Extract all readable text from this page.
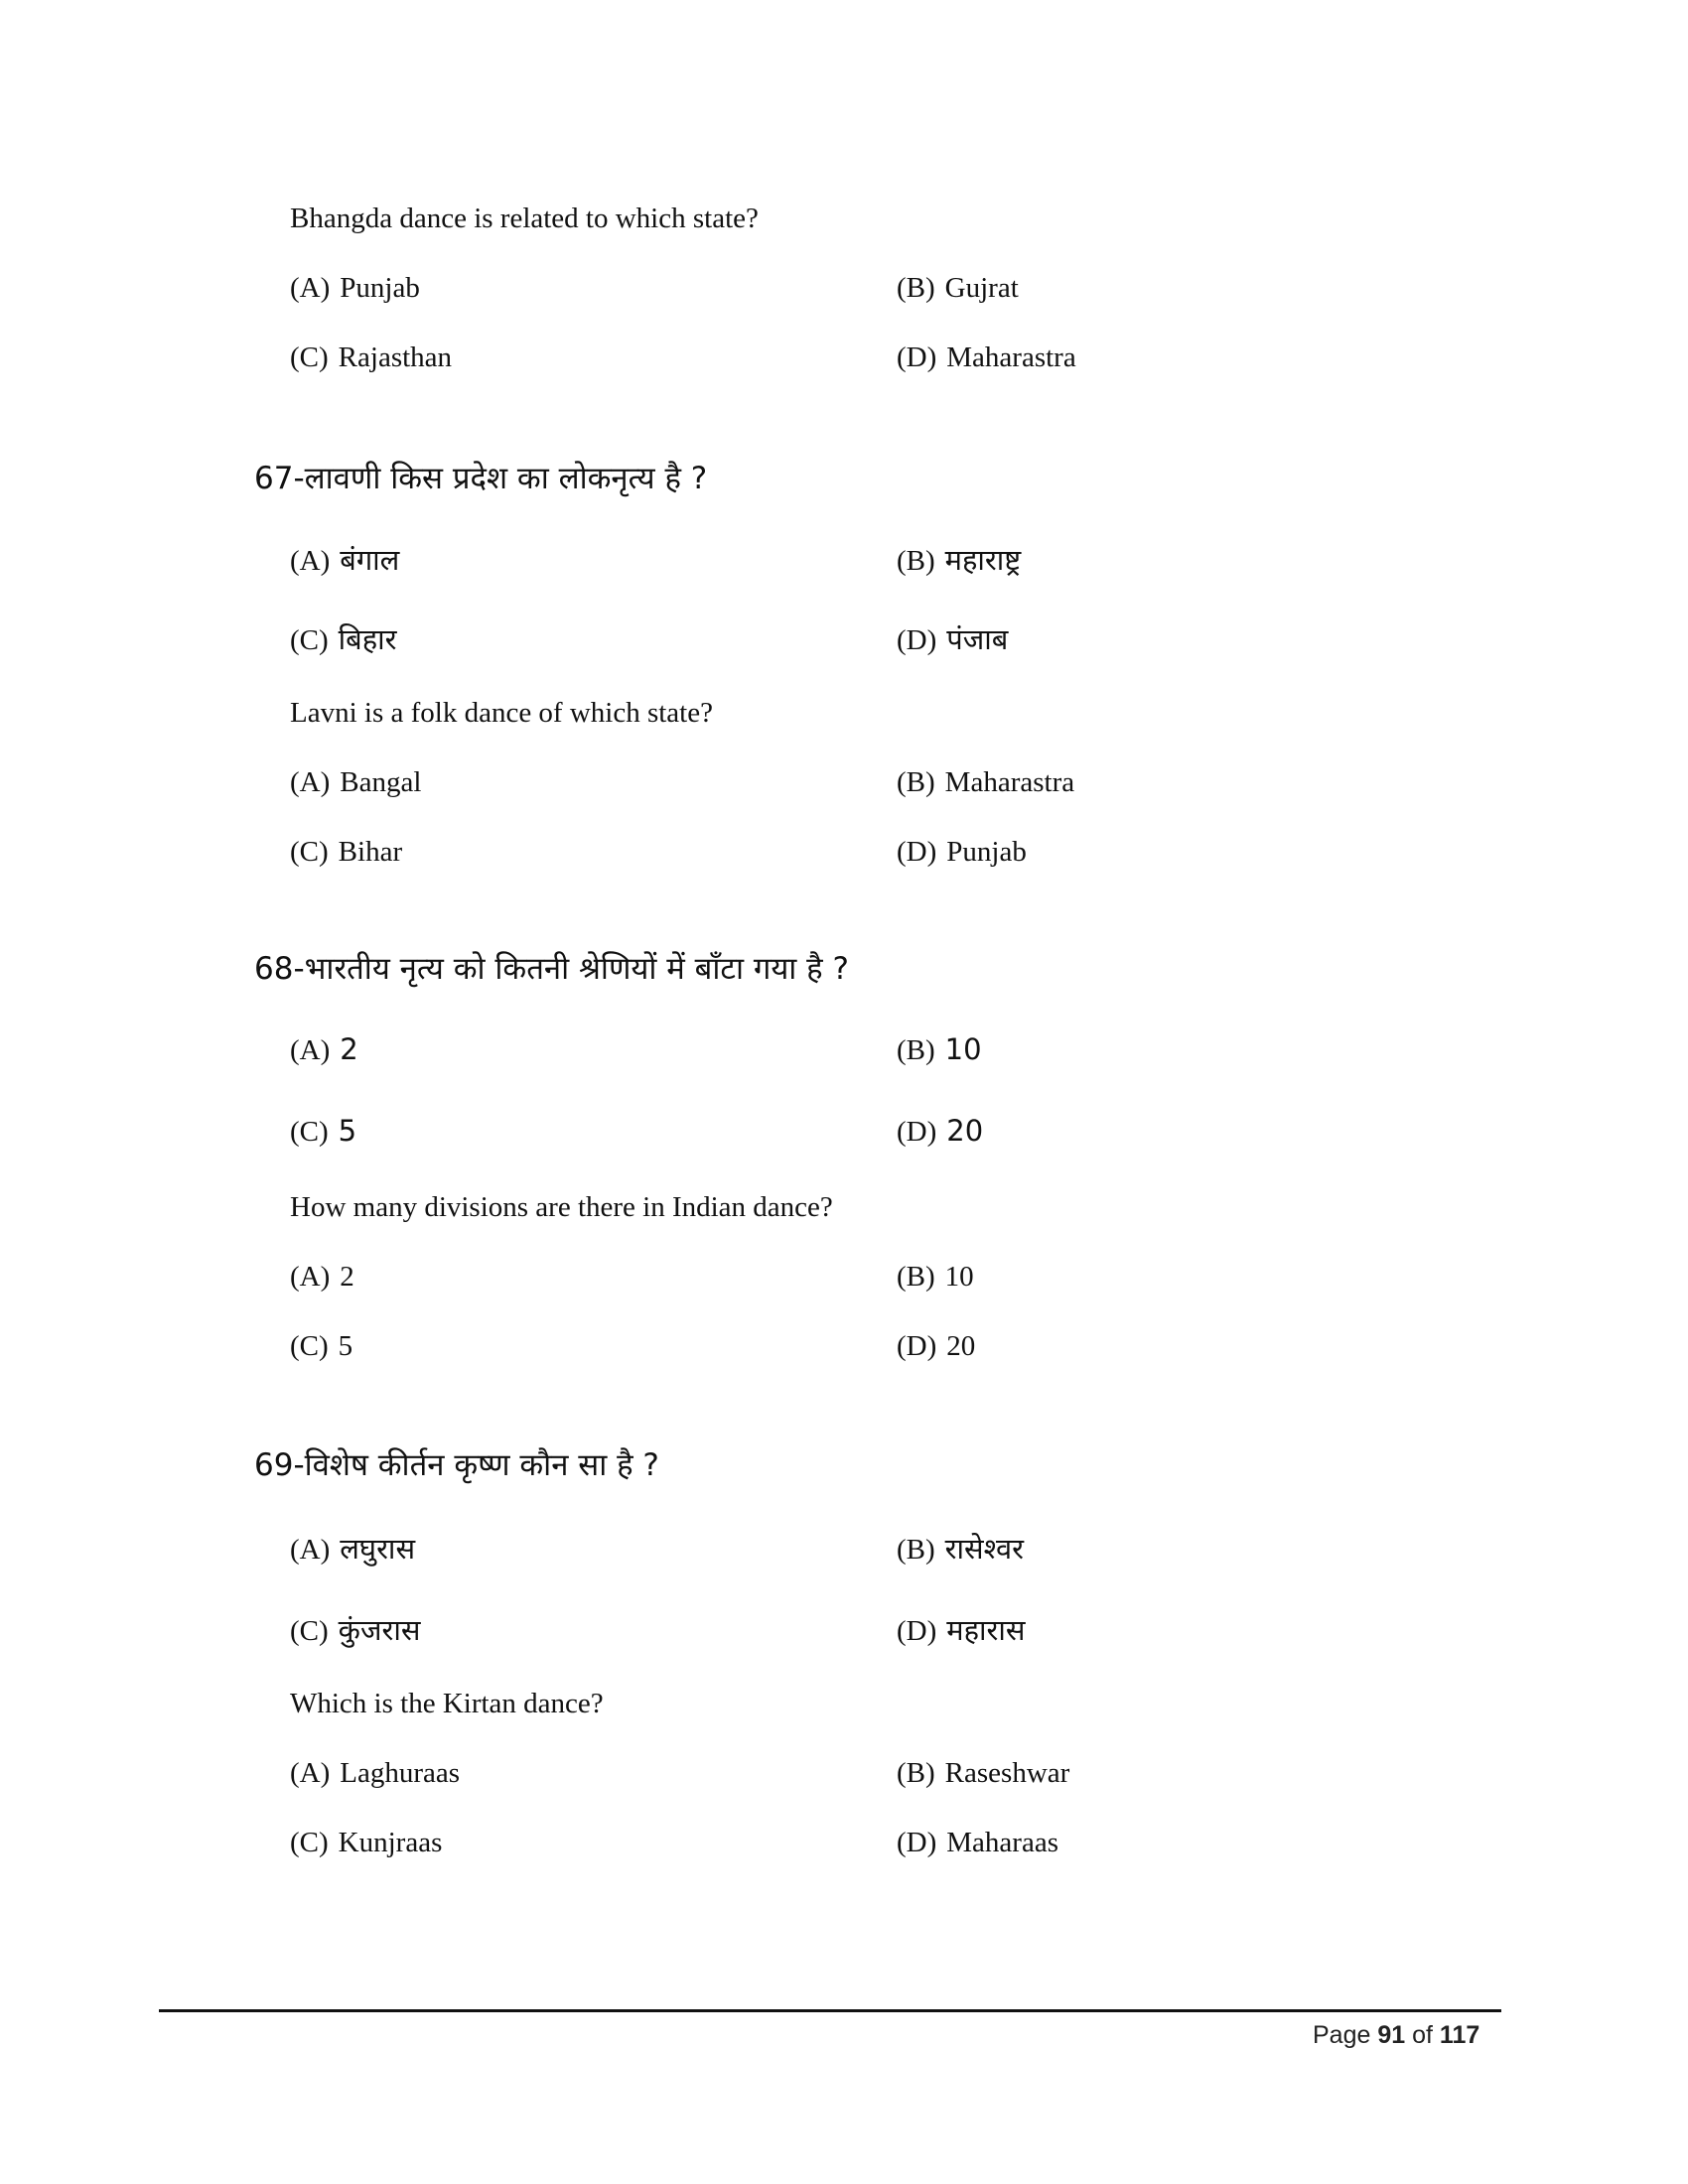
Bhangda dance is related to which state?
(A) Punjab	(B) Gujrat
(C) Rajasthan	(D) Maharastra
67-लावणी किस प्रदेश का लोकनृत्य है ?
(A) बंगाल	(B) महाराष्ट्र
(C) बिहार	(D) पंजाब
Lavni is a folk dance of which state?
(A) Bangal	(B) Maharastra
(C) Bihar	(D) Punjab
68-भारतीय नृत्य को कितनी श्रेणियों में बाँटा गया है ?
(A) 2	(B) 10
(C) 5	(D) 20
How many divisions are there in Indian dance?
(A) 2	(B) 10
(C) 5	(D) 20
69-विशेष कीर्तन कृष्ण कौन सा है ?
(A) लघुरास	(B) रासेश्वर
(C) कुंजरास	(D) महारास
Which is the Kirtan dance?
(A) Laghuraas	(B) Raseshwar
(C) Kunjraas	(D) Maharaas
Page 91 of 117
